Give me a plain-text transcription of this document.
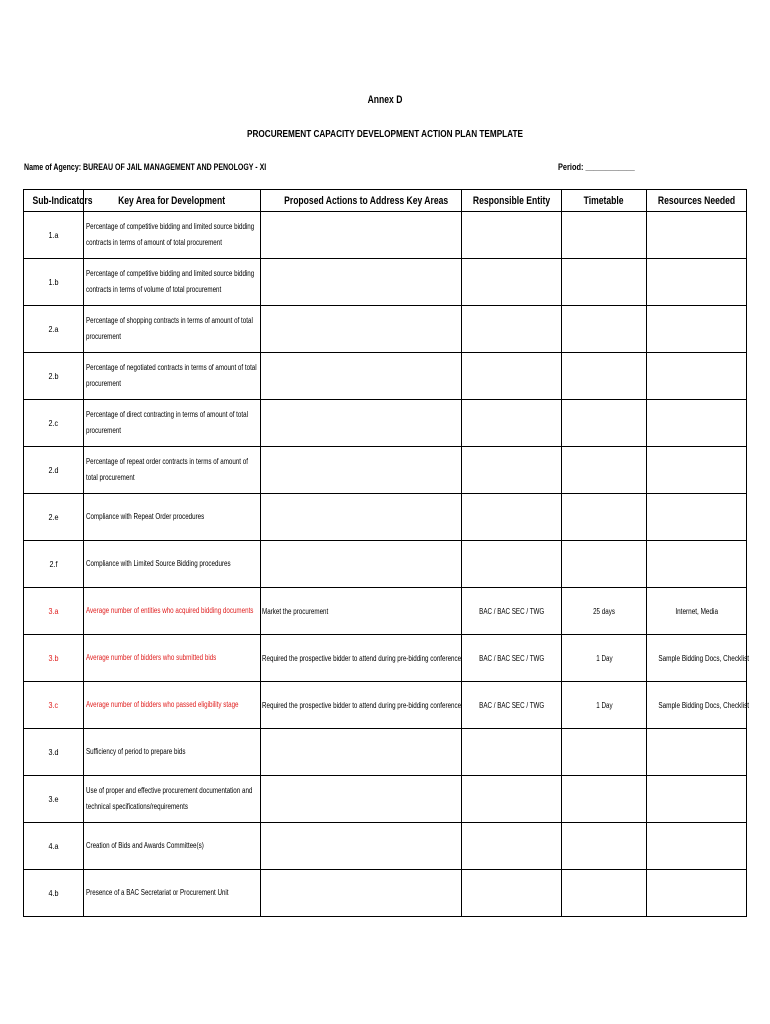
Annex D
PROCUREMENT CAPACITY DEVELOPMENT ACTION PLAN TEMPLATE
Name of Agency: BUREAU OF JAIL MANAGEMENT AND PENOLOGY - XI	Period: ____________
Sub-Indicators	Key Area for Development	Proposed Actions to Address Key Areas	Responsible Entity	Timetable	Resources Needed
1.a	Percentage of competitive bidding and limited source bidding contracts in terms of amount of total procurement				
1.b	Percentage of competitive bidding and limited source bidding contracts in terms of volume of total procurement				
2.a	Percentage of shopping contracts in terms of amount of total procurement				
2.b	Percentage of negotiated contracts in terms of amount of total procurement				
2.c	Percentage of direct contracting in terms of amount of total procurement				
2.d	Percentage of repeat order contracts in terms of amount of total procurement				
2.e	Compliance with Repeat Order procedures				
2.f	Compliance with Limited Source Bidding procedures				
3.a	Average number of entities who acquired bidding documents	Market the procurement	BAC / BAC SEC / TWG	25 days	Internet, Media
3.b	Average number of bidders who submitted bids	Required the prospective bidder to attend during pre-bidding conference	BAC / BAC SEC / TWG	1 Day	Sample Bidding Docs, Checklist
3.c	Average number of bidders who passed eligibility stage	Required the prospective bidder to attend during pre-bidding conference	BAC / BAC SEC / TWG	1 Day	Sample Bidding Docs, Checklist
3.d	Sufficiency of period to prepare bids				
3.e	Use of proper and effective procurement documentation and technical specifications/requirements				
4.a	Creation of Bids and Awards Committee(s)				
4.b	Presence of a BAC Secretariat or Procurement Unit				
